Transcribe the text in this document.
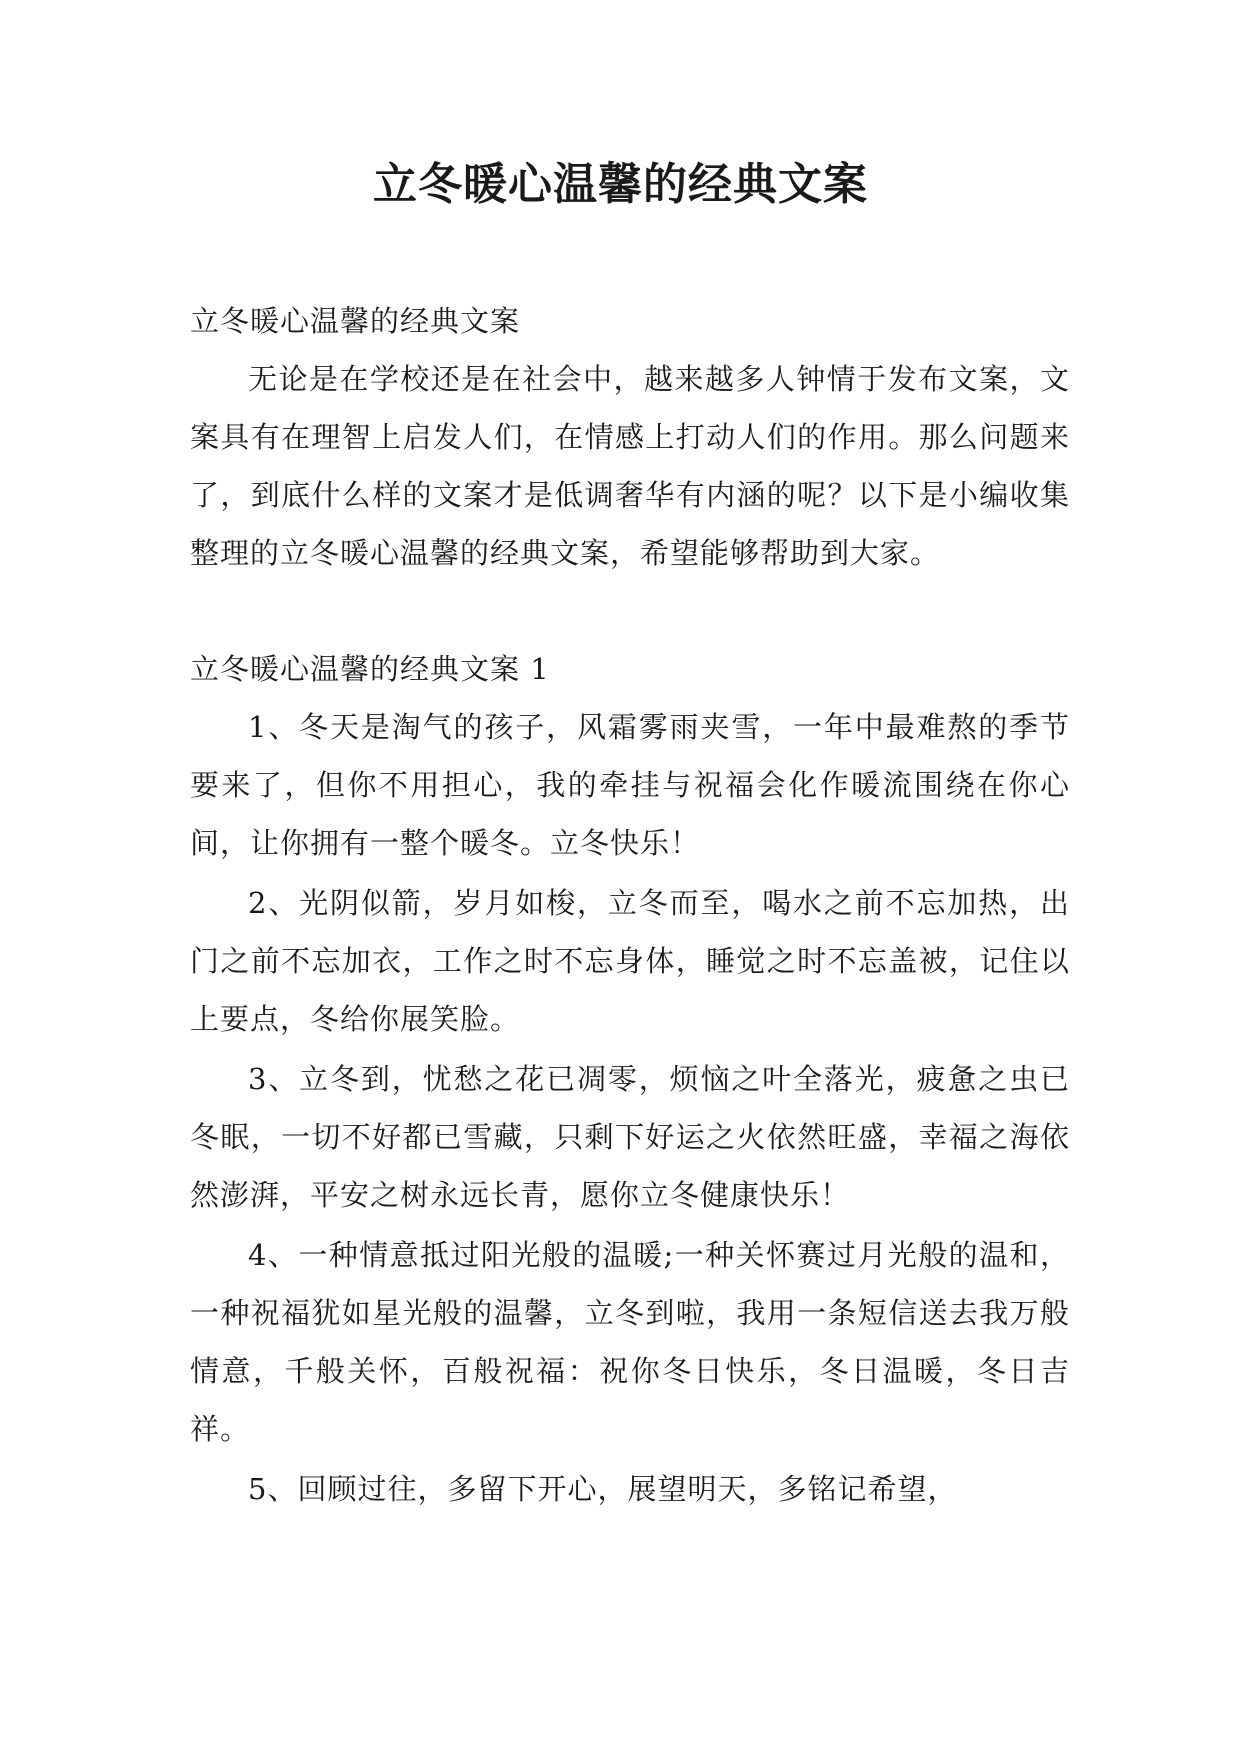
立冬暖心温馨的经典文案

立冬暖心温馨的经典文案

无论是在学校还是在社会中，越来越多人钟情于发布文案，文案具有在理智上启发人们，在情感上打动人们的作用。那么问题来了，到底什么样的文案才是低调奢华有内涵的呢？以下是小编收集整理的立冬暖心温馨的经典文案，希望能够帮助到大家。

立冬暖心温馨的经典文案 1

1、冬天是淘气的孩子，风霜雾雨夹雪，一年中最难熬的季节要来了，但你不用担心，我的牵挂与祝福会化作暖流围绕在你心间，让你拥有一整个暖冬。立冬快乐！

2、光阴似箭，岁月如梭，立冬而至，喝水之前不忘加热，出门之前不忘加衣，工作之时不忘身体，睡觉之时不忘盖被，记住以上要点，冬给你展笑脸。

3、立冬到，忧愁之花已凋零，烦恼之叶全落光，疲惫之虫已冬眠，一切不好都已雪藏，只剩下好运之火依然旺盛，幸福之海依然澎湃，平安之树永远长青，愿你立冬健康快乐！

4、一种情意抵过阳光般的温暖;一种关怀赛过月光般的温和，一种祝福犹如星光般的温馨，立冬到啦，我用一条短信送去我万般情意，千般关怀，百般祝福：祝你冬日快乐，冬日温暖，冬日吉祥。

5、回顾过往，多留下开心，展望明天，多铭记希望，
